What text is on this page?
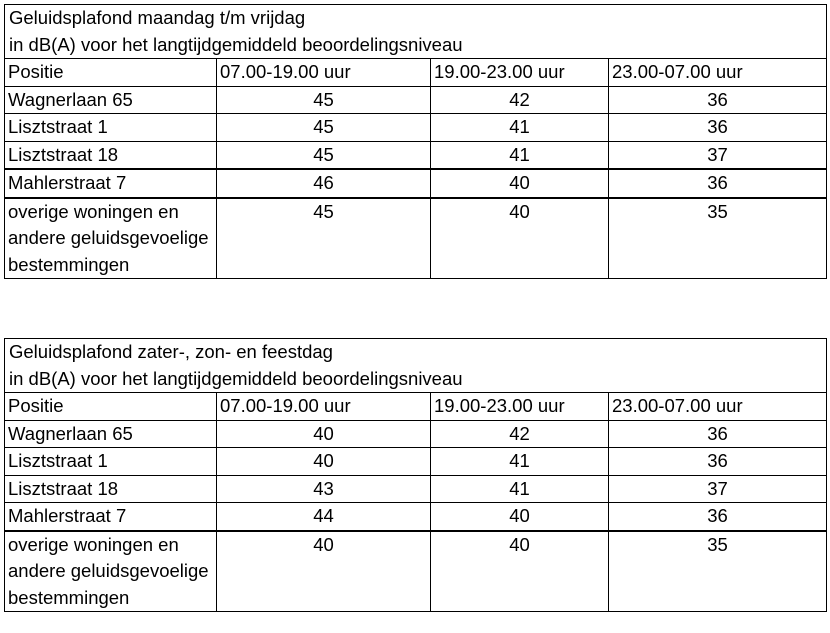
Geluidsplafond maandag t/m vrijdag
in dB(A) voor het langtijdgemiddeld beoordelingsniveau			

Positie	07.00-19.00 uur	19.00-23.00 uur	23.00-07.00 uur
Wagnerlaan 65	45	42	36
Lisztstraat 1	45	41	36
Lisztstraat 18	45	41	37
Mahlerstraat 7	46	40	36
overige woningen en andere geluidsgevoelige bestemmingen	45	40	35
Geluidsplafond zater-, zon- en feestdag
in dB(A) voor het langtijdgemiddeld beoordelingsniveau			

Positie	07.00-19.00 uur	19.00-23.00 uur	23.00-07.00 uur
Wagnerlaan 65	40	42	36
Lisztstraat 1	40	41	36
Lisztstraat 18	43	41	37
Mahlerstraat 7	44	40	36
overige woningen en andere geluidsgevoelige bestemmingen	40	40	35
